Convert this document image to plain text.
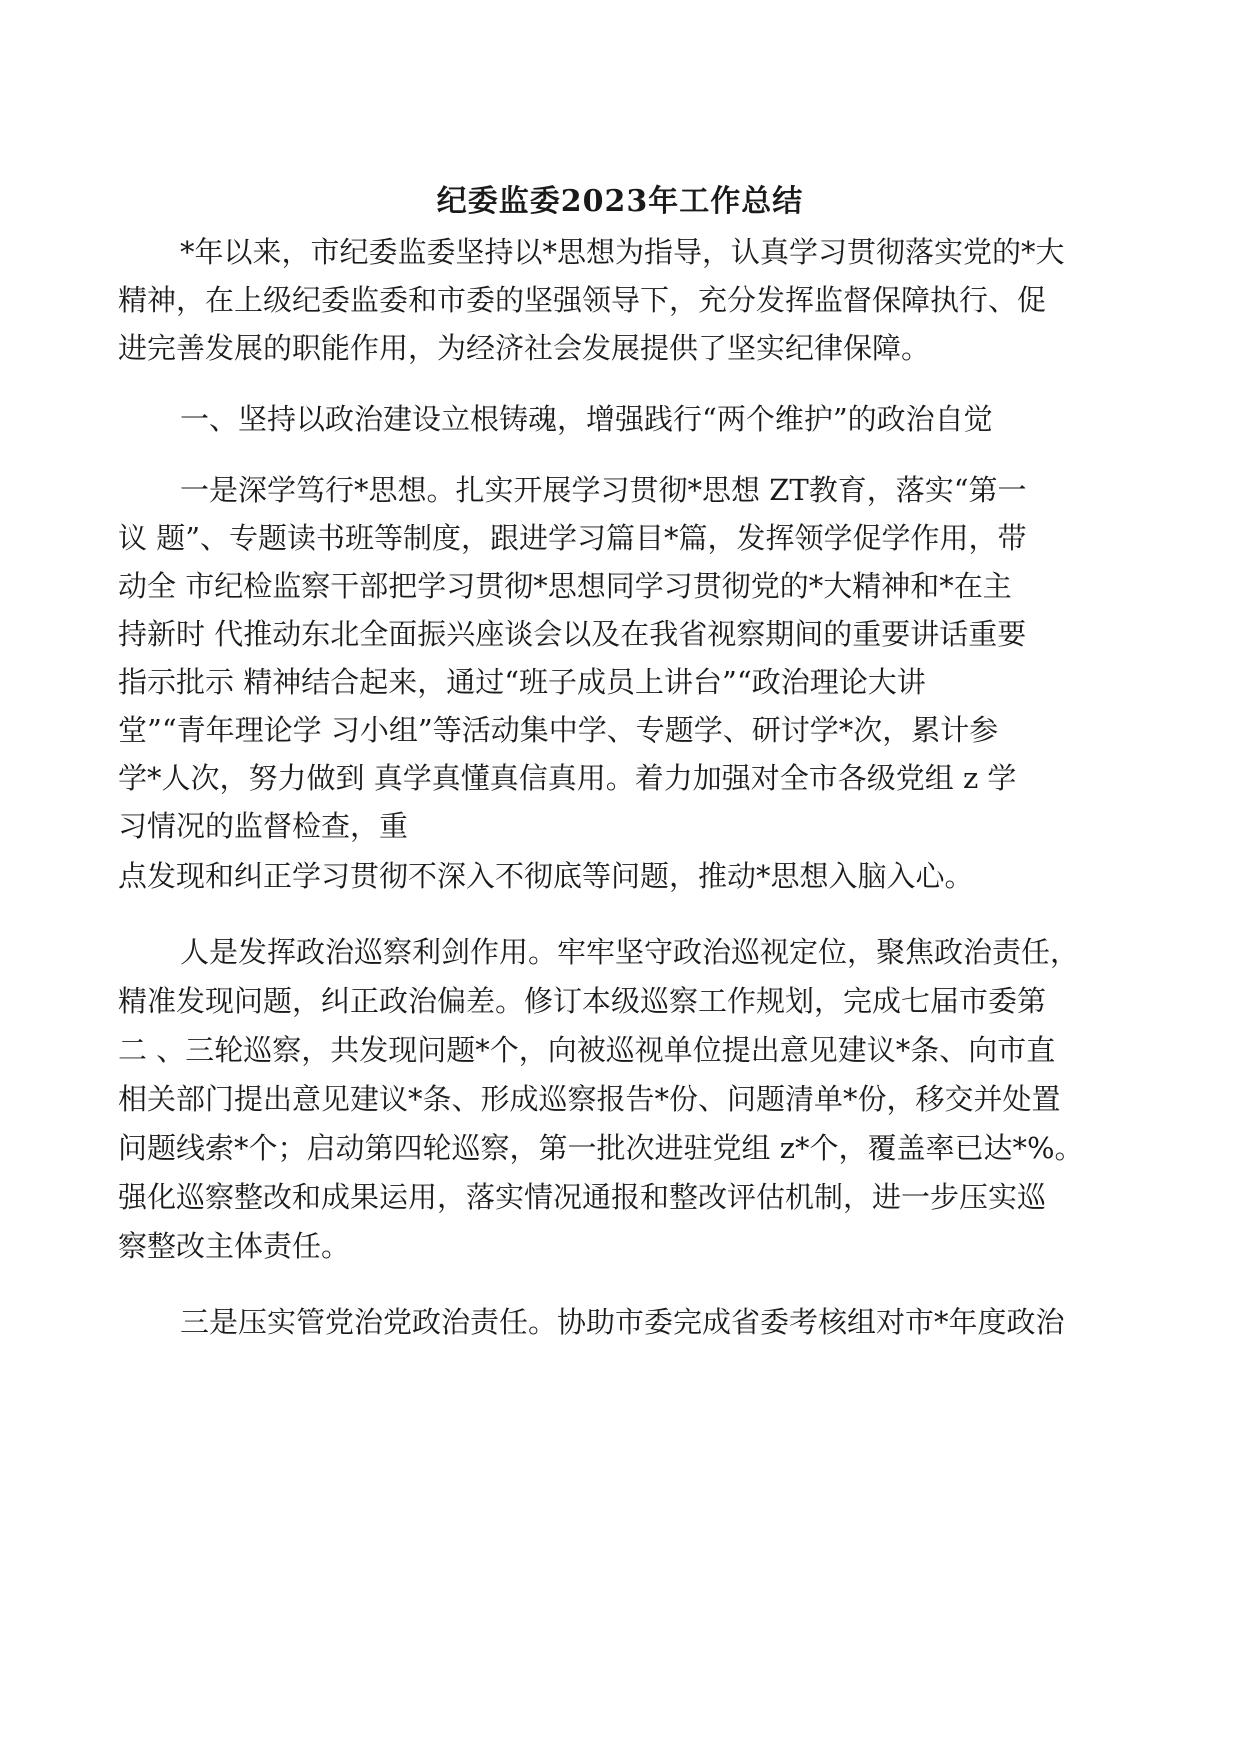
纪委监委2023年工作总结
*年以来，市纪委监委坚持以*思想为指导，认真学习贯彻落实党的*大
精神，在上级纪委监委和市委的坚强领导下，充分发挥监督保障执行、促
进完善发展的职能作用，为经济社会发展提供了坚实纪律保障。
一、坚持以政治建设立根铸魂，增强践行“两个维护”的政治自觉
一是深学笃行*思想。扎实开展学习贯彻*思想 ZT教育，落实“第一
议 题”、专题读书班等制度，跟进学习篇目*篇，发挥领学促学作用，带
动全 市纪检监察干部把学习贯彻*思想同学习贯彻党的*大精神和*在主
持新时 代推动东北全面振兴座谈会以及在我省视察期间的重要讲话重要
指示批示 精神结合起来，通过“班子成员上讲台”“政治理论大讲
堂”“青年理论学 习小组”等活动集中学、专题学、研讨学*次，累计参
学*人次，努力做到 真学真懂真信真用。着力加强对全市各级党组 z 学
习情况的监督检查，重
点发现和纠正学习贯彻不深入不彻底等问题，推动*思想入脑入心。
人是发挥政治巡察利剑作用。牢牢坚守政治巡视定位，聚焦政治责任，
精准发现问题，纠正政治偏差。修订本级巡察工作规划，完成七届市委第
二 、三轮巡察，共发现问题*个，向被巡视单位提出意见建议*条、向市直
相关部门提出意见建议*条、形成巡察报告*份、问题清单*份，移交并处置
问题线索*个；启动第四轮巡察，第一批次进驻党组 z*个，覆盖率已达*%。
强化巡察整改和成果运用，落实情况通报和整改评估机制，进一步压实巡
察整改主体责任。
三是压实管党治党政治责任。协助市委完成省委考核组对市*年度政治
